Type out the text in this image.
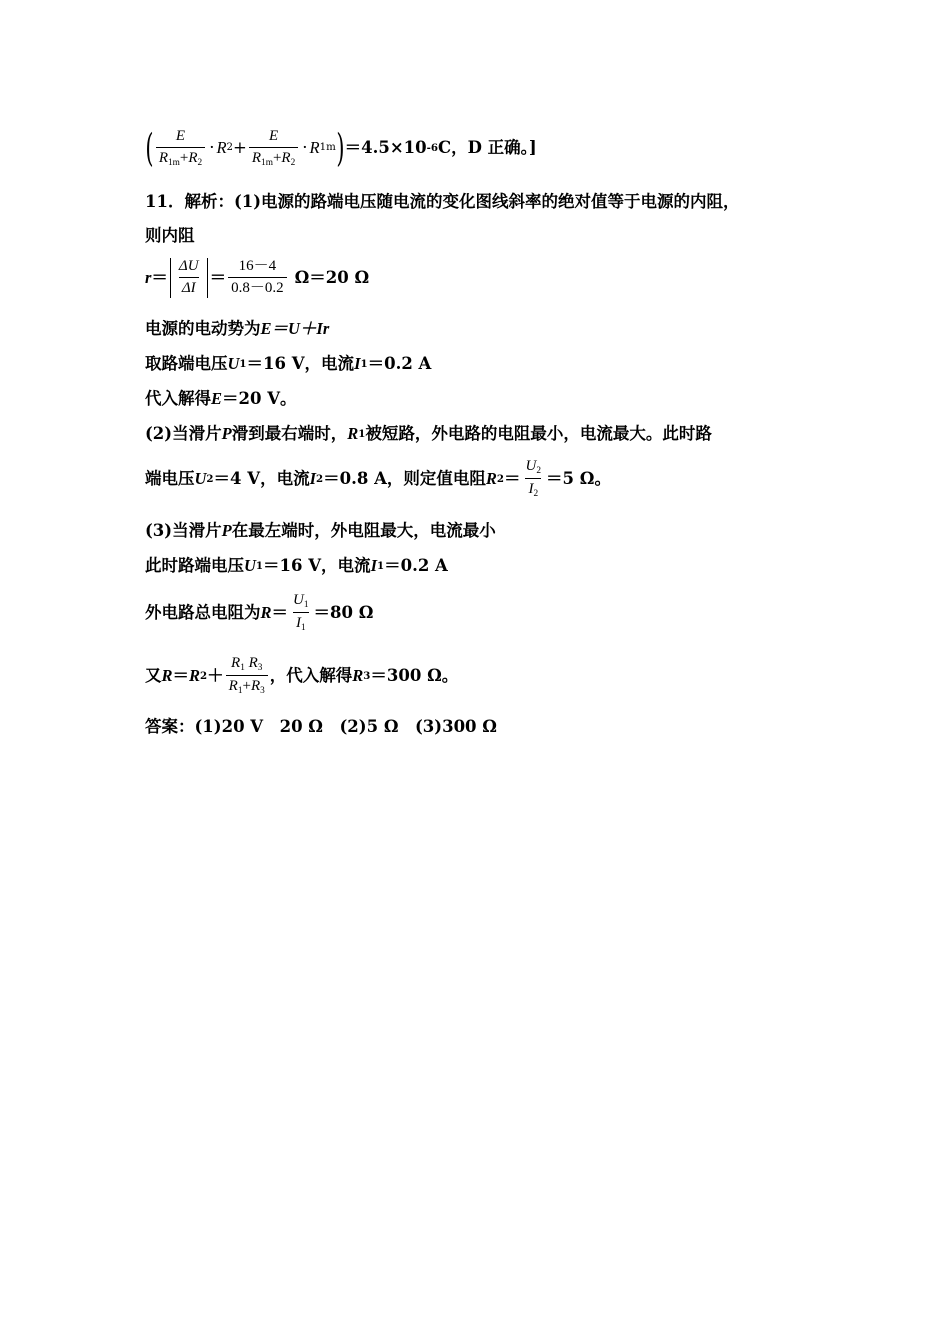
( $\frac{E}{R_{1m}+R_2} \cdot R$ $2 + \frac{E}{R_{1m}+R_2} \cdot R$ 1m ) ＝4.5×10 -6 C，D 正确。]
11．解析：(1)电源的路端电压随电流的变化图线斜率的绝对值等于电源的内阻，
则内阻
$r = \frac{\Delta U}{\Delta I} = \frac{16-4}{0.8-0.2} \Omega=20$ Ω
电源的电动势为 E＝U＋Ir
取路端电压 U 1 ＝16 V，电流 I 1 ＝0.2 A
代入解得 E ＝20 V。
(2)当滑片 P 滑到最右端时， R 1 被短路，外电路的电阻最小，电流最大。此时路
端电压 U 2 ＝4 V，电流 I 2 ＝0.8 A，则定值电阻 R $2 = \frac{U_2}{I_2} =5$ Ω。
(3)当滑片 P 在最左端时，外电阻最大，电流最小
此时路端电压 U 1 ＝16 V，电流 I 1 ＝0.2 A
外电路总电阻为 $R = \frac{U_1}{I_1} =80$ Ω
又 R ＝ R $2 + \frac{R_1 R_3}{R_1+R_3}$ ，代入解得 R 3 ＝300 Ω。
答案：(1)20 V　20 Ω　(2)5 Ω　(3)300 Ω
